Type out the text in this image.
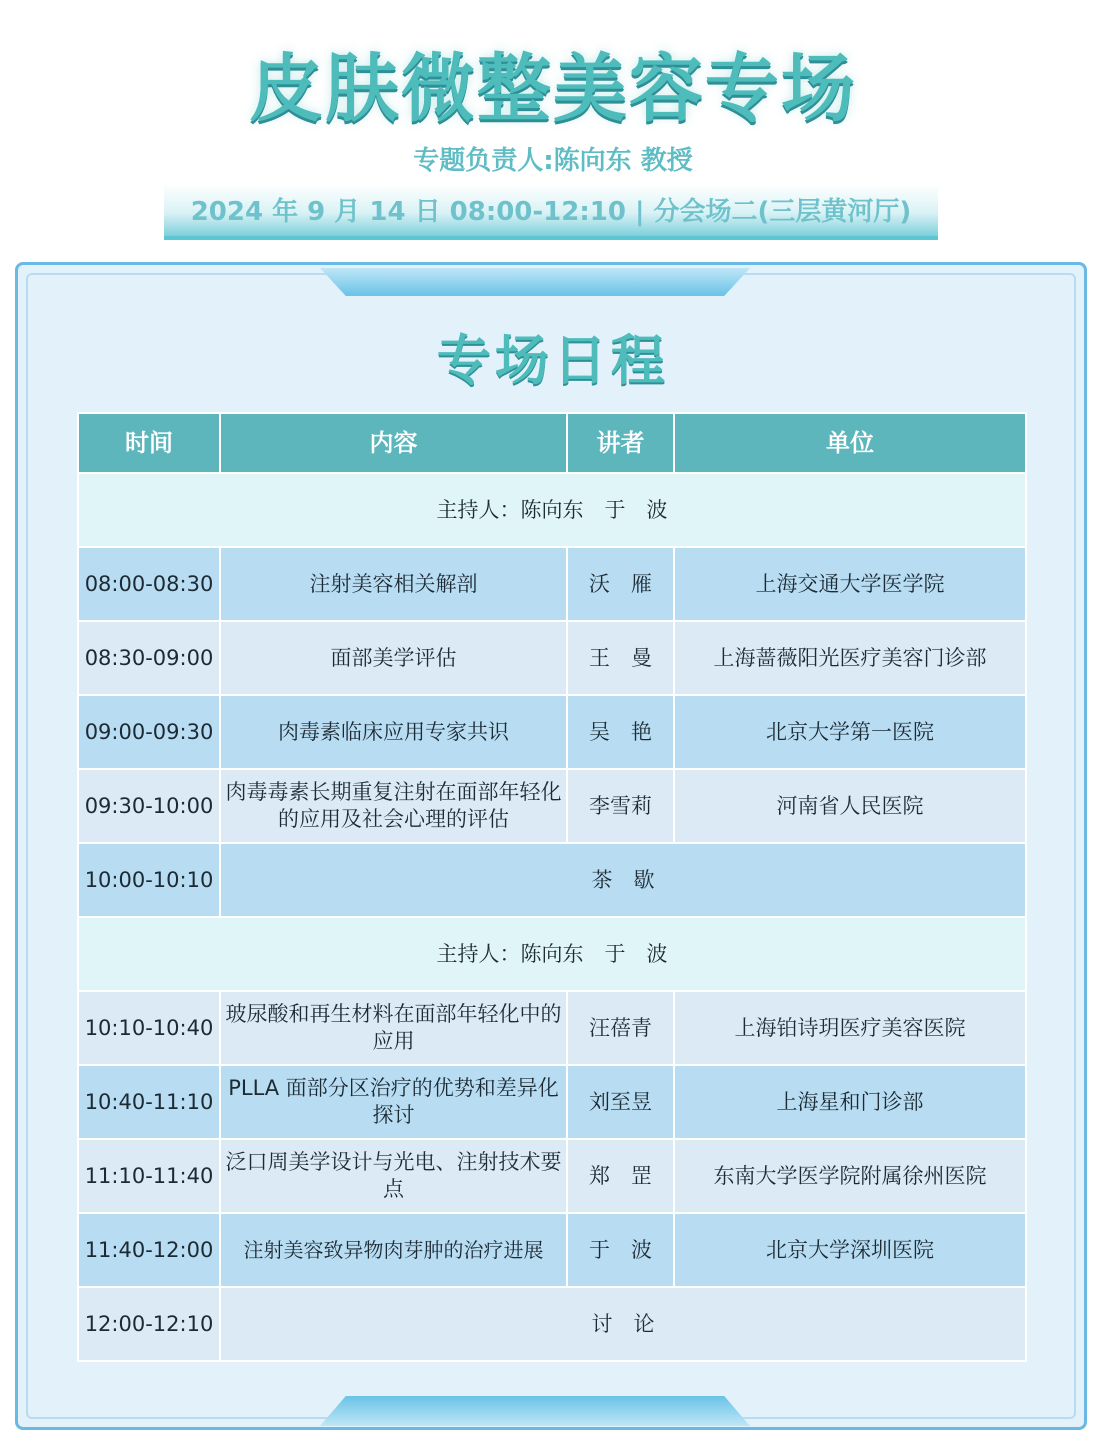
皮肤微整美容专场
专题负责人:陈向东 教授
2024 年 9 月 14 日 08:00-12:10 | 分会场二(三层黄河厅)
专场日程
时间	内容	讲者	单位
主持人：陈向东　于　波			
08:00-08:30	注射美容相关解剖	沃　雁	上海交通大学医学院
08:30-09:00	面部美学评估	王　曼	上海蔷薇阳光医疗美容门诊部
09:00-09:30	肉毒素临床应用专家共识	吴　艳	北京大学第一医院
09:30-10:00	肉毒毒素长期重复注射在面部年轻化的应用及社会心理的评估	李雪莉	河南省人民医院
10:00-10:10	茶　歇		
主持人：陈向东　于　波			
10:10-10:40	玻尿酸和再生材料在面部年轻化中的应用	汪蓓青	上海铂诗玥医疗美容医院
10:40-11:10	PLLA 面部分区治疗的优势和差异化探讨	刘至昱	上海星和门诊部
11:10-11:40	泛口周美学设计与光电、注射技术要点	郑　罡	东南大学医学院附属徐州医院
11:40-12:00	注射美容致异物肉芽肿的治疗进展	于　波	北京大学深圳医院
12:00-12:10	讨　论		
